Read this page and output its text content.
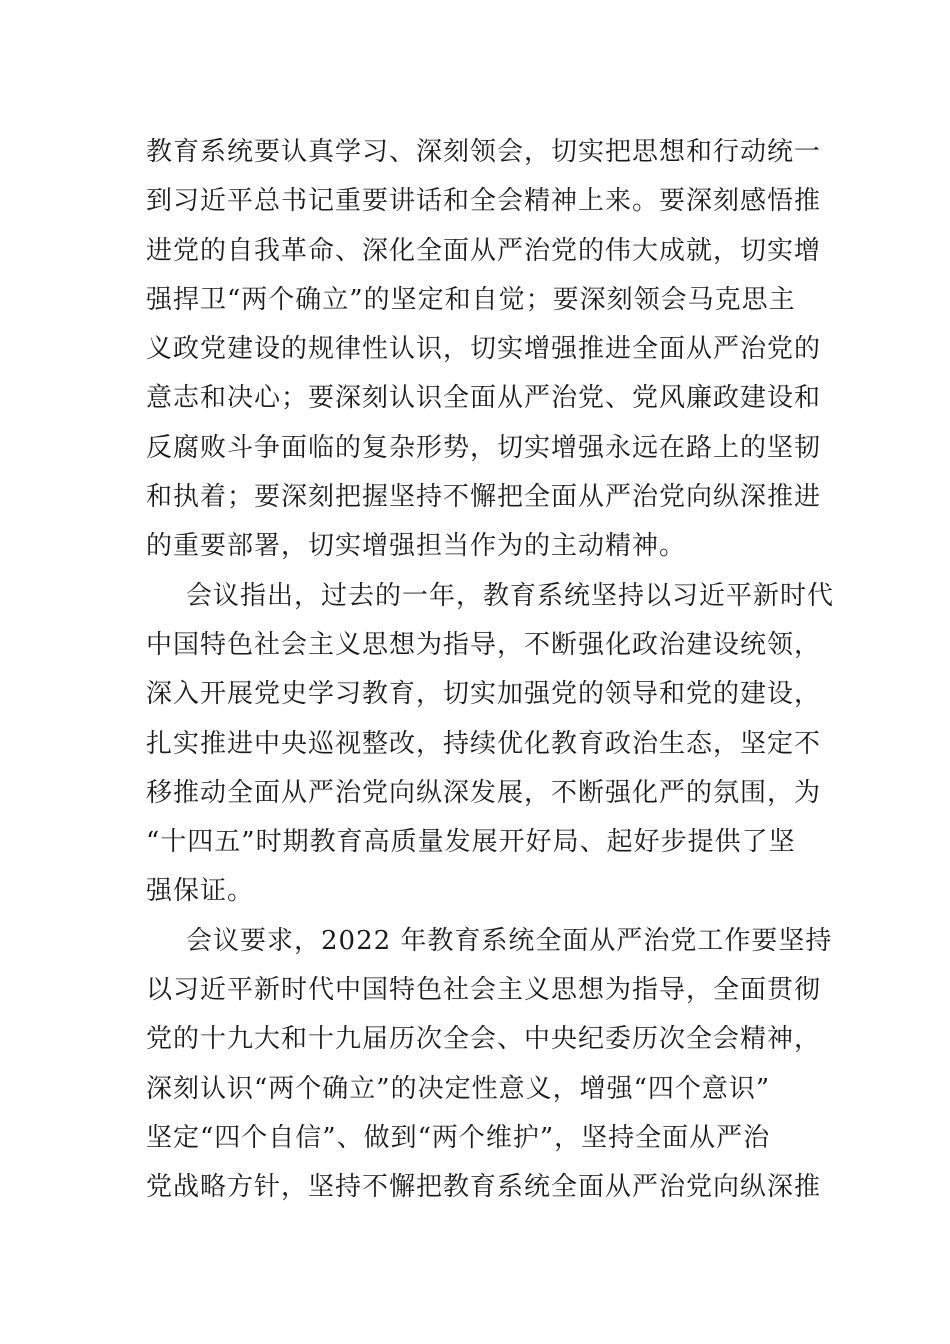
教育系统要认真学习、深刻领会，切实把思想和行动统一
到习近平总书记重要讲话和全会精神上来。要深刻感悟推
进党的自我革命、深化全面从严治党的伟大成就，切实增
强捍卫“两个确立”的坚定和自觉；要深刻领会马克思主
义政党建设的规律性认识，切实增强推进全面从严治党的
意志和决心；要深刻认识全面从严治党、党风廉政建设和
反腐败斗争面临的复杂形势，切实增强永远在路上的坚韧
和执着；要深刻把握坚持不懈把全面从严治党向纵深推进
的重要部署，切实增强担当作为的主动精神。
会议指出，过去的一年，教育系统坚持以习近平新时代
中国特色社会主义思想为指导，不断强化政治建设统领，
深入开展党史学习教育，切实加强党的领导和党的建设，
扎实推进中央巡视整改，持续优化教育政治生态，坚定不
移推动全面从严治党向纵深发展，不断强化严的氛围，为
“十四五”时期教育高质量发展开好局、起好步提供了坚
强保证。
会议要求，2022 年教育系统全面从严治党工作要坚持
以习近平新时代中国特色社会主义思想为指导，全面贯彻
党的十九大和十九届历次全会、中央纪委历次全会精神，
深刻认识“两个确立”的决定性意义，增强“四个意识”
坚定“四个自信”、做到“两个维护”，坚持全面从严治
党战略方针，坚持不懈把教育系统全面从严治党向纵深推
